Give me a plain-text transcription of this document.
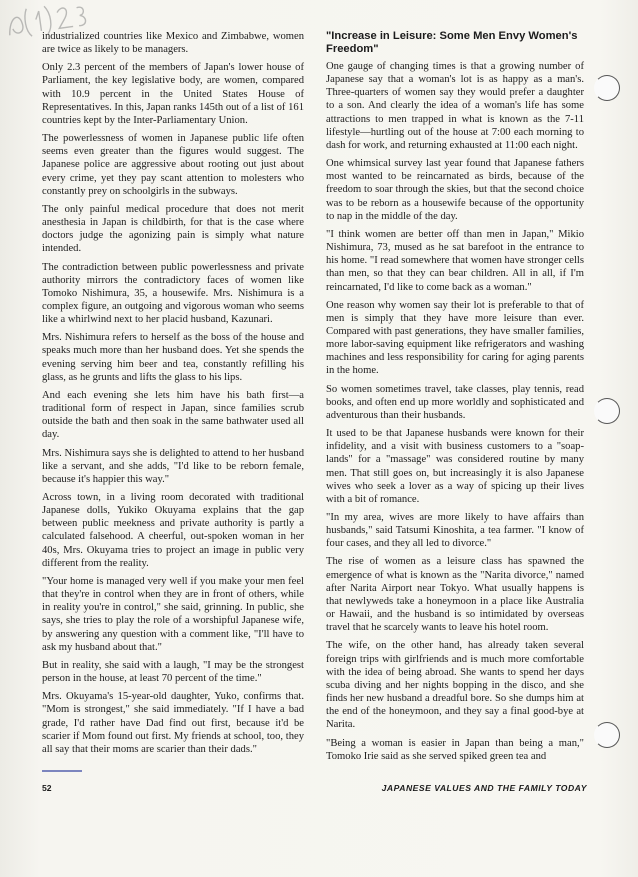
industrialized countries like Mexico and Zimbabwe, women are twice as likely to be managers.

Only 2.3 percent of the members of Japan's lower house of Parliament, the key legislative body, are women, compared with 10.9 percent in the United States House of Representatives. In this, Japan ranks 145th out of a list of 161 countries kept by the Inter-Parliamentary Union.

The powerlessness of women in Japanese public life often seems even greater than the figures would suggest. The Japanese police are aggressive about rooting out just about every crime, yet they pay scant attention to molesters who constantly prey on schoolgirls in the subways.

The only painful medical procedure that does not merit anesthesia in Japan is childbirth, for that is the case where doctors judge the agonizing pain is simply what nature intended.

The contradiction between public powerlessness and private authority mirrors the contradictory faces of women like Tomoko Nishimura, 35, a housewife. Mrs. Nishimura is a complex figure, an outgoing and vigorous woman who seems like a whirlwind next to her placid husband, Kazunari.

Mrs. Nishimura refers to herself as the boss of the house and speaks much more than her husband does. Yet she spends the evening serving him beer and tea, constantly refilling his glass, as he grunts and lifts the glass to his lips.

And each evening she lets him have his bath first—a traditional form of respect in Japan, since families scrub outside the bath and then soak in the same bathwater used all day.

Mrs. Nishimura says she is delighted to attend to her husband like a servant, and she adds, "I'd like to be reborn female, because it's happier this way."

Across town, in a living room decorated with traditional Japanese dolls, Yukiko Okuyama explains that the gap between public meekness and private authority is partly a calculated falsehood. A cheerful, out-spoken woman in her 40s, Mrs. Okuyama tries to project an image in public very different from the reality.

"Your home is managed very well if you make your men feel that they're in control when they are in front of others, while in reality you're in control," she said, grinning. In public, she says, she tries to play the role of a worshipful Japanese wife, by answering any question with a comment like, "I'll have to ask my husband about that."

But in reality, she said with a laugh, "I may be the strongest person in the house, at least 70 percent of the time."

Mrs. Okuyama's 15-year-old daughter, Yuko, confirms that. "Mom is strongest," she said immediately. "If I have a bad grade, I'd rather have Dad find out first, because it'd be scarier if Mom found out first. My friends at school, too, they all say that their moms are scarier than their dads."

"Increase in Leisure: Some Men Envy Women's Freedom"

One gauge of changing times is that a growing number of Japanese say that a woman's lot is as happy as a man's. Three-quarters of women say they would prefer a daughter to a son. And clearly the idea of a woman's life has some attractions to men trapped in what is known as the 7-11 lifestyle—hurtling out of the house at 7:00 each morning to dash for work, and returning exhausted at 11:00 each night.

One whimsical survey last year found that Japanese fathers most wanted to be reincarnated as birds, because of the freedom to soar through the skies, but that the second choice was to be reborn as a housewife because of the opportunity to nap in the middle of the day.

"I think women are better off than men in Japan," Mikio Nishimura, 73, mused as he sat barefoot in the entrance to his home. "I read somewhere that women have stronger cells than men, so that they can bear children. All in all, if I'm reincarnated, I'd like to come back as a woman."

One reason why women say their lot is preferable to that of men is simply that they have more leisure than ever. Compared with past generations, they have smaller families, more labor-saving equipment like refrigerators and washing machines and less responsibility for caring for aging parents in the home.

So women sometimes travel, take classes, play tennis, read books, and often end up more worldly and sophisticated and adventurous than their husbands.

It used to be that Japanese husbands were known for their infidelity, and a visit with business customers to a "soap-lands" for a "massage" was considered routine by many men. That still goes on, but increasingly it is also Japanese wives who seek a lover as a way of spicing up their lives with a bit of romance.

"In my area, wives are more likely to have affairs than husbands," said Tatsumi Kinoshita, a tea farmer. "I know of four cases, and they all led to divorce."

The rise of women as a leisure class has spawned the emergence of what is known as the "Narita divorce," named after Narita Airport near Tokyo. What usually happens is that newlyweds take a honeymoon in a place like Australia or Hawaii, and the husband is so intimidated by overseas travel that he scarcely wants to leave his hotel room.

The wife, on the other hand, has already taken several foreign trips with girlfriends and is much more comfortable with the idea of being abroad. She wants to spend her days scuba diving and her nights bopping in the disco, and she finds her new husband a dreadful bore. So she dumps him at the end of the honeymoon, and they say a final good-bye at Narita.

"Being a woman is easier in Japan than being a man," Tomoko Irie said as she served spiked green tea and

52	JAPANESE VALUES AND THE FAMILY TODAY
